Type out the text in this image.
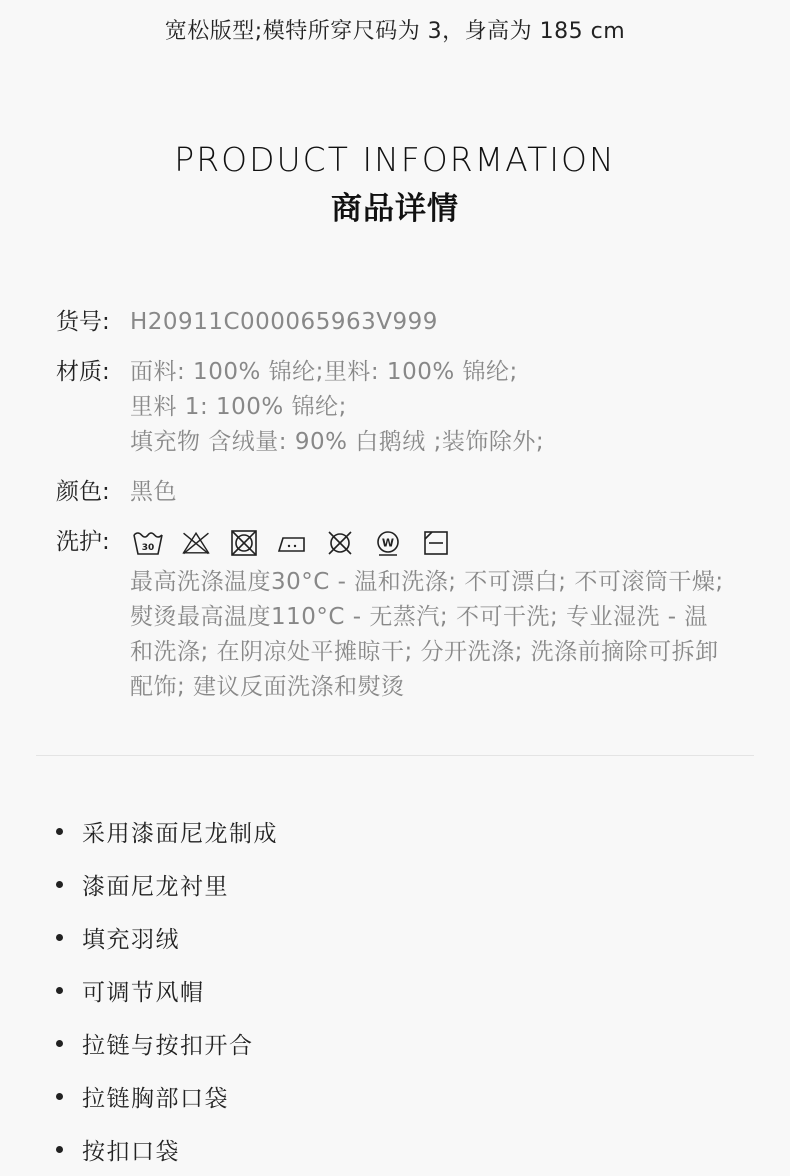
宽松版型;模特所穿尺码为 3，身高为 185 cm
PRODUCT INFORMATION
商品详情
货号: H20911C000065963V999
材质: 面料: 100% 锦纶;里料: 100% 锦纶;
里料 1: 100% 锦纶;
填充物 含绒量: 90% 白鹅绒 ;装饰除外;
颜色: 黑色
洗护:	30	W
最高洗涤温度30°C - 温和洗涤; 不可漂白; 不可滚筒干燥; 熨烫最高温度110°C - 无蒸汽; 不可干洗; 专业湿洗 - 温和洗涤; 在阴凉处平摊晾干; 分开洗涤; 洗涤前摘除可拆卸配饰; 建议反面洗涤和熨烫
采用漆面尼龙制成
漆面尼龙衬里
填充羽绒
可调节风帽
拉链与按扣开合
拉链胸部口袋
按扣口袋
